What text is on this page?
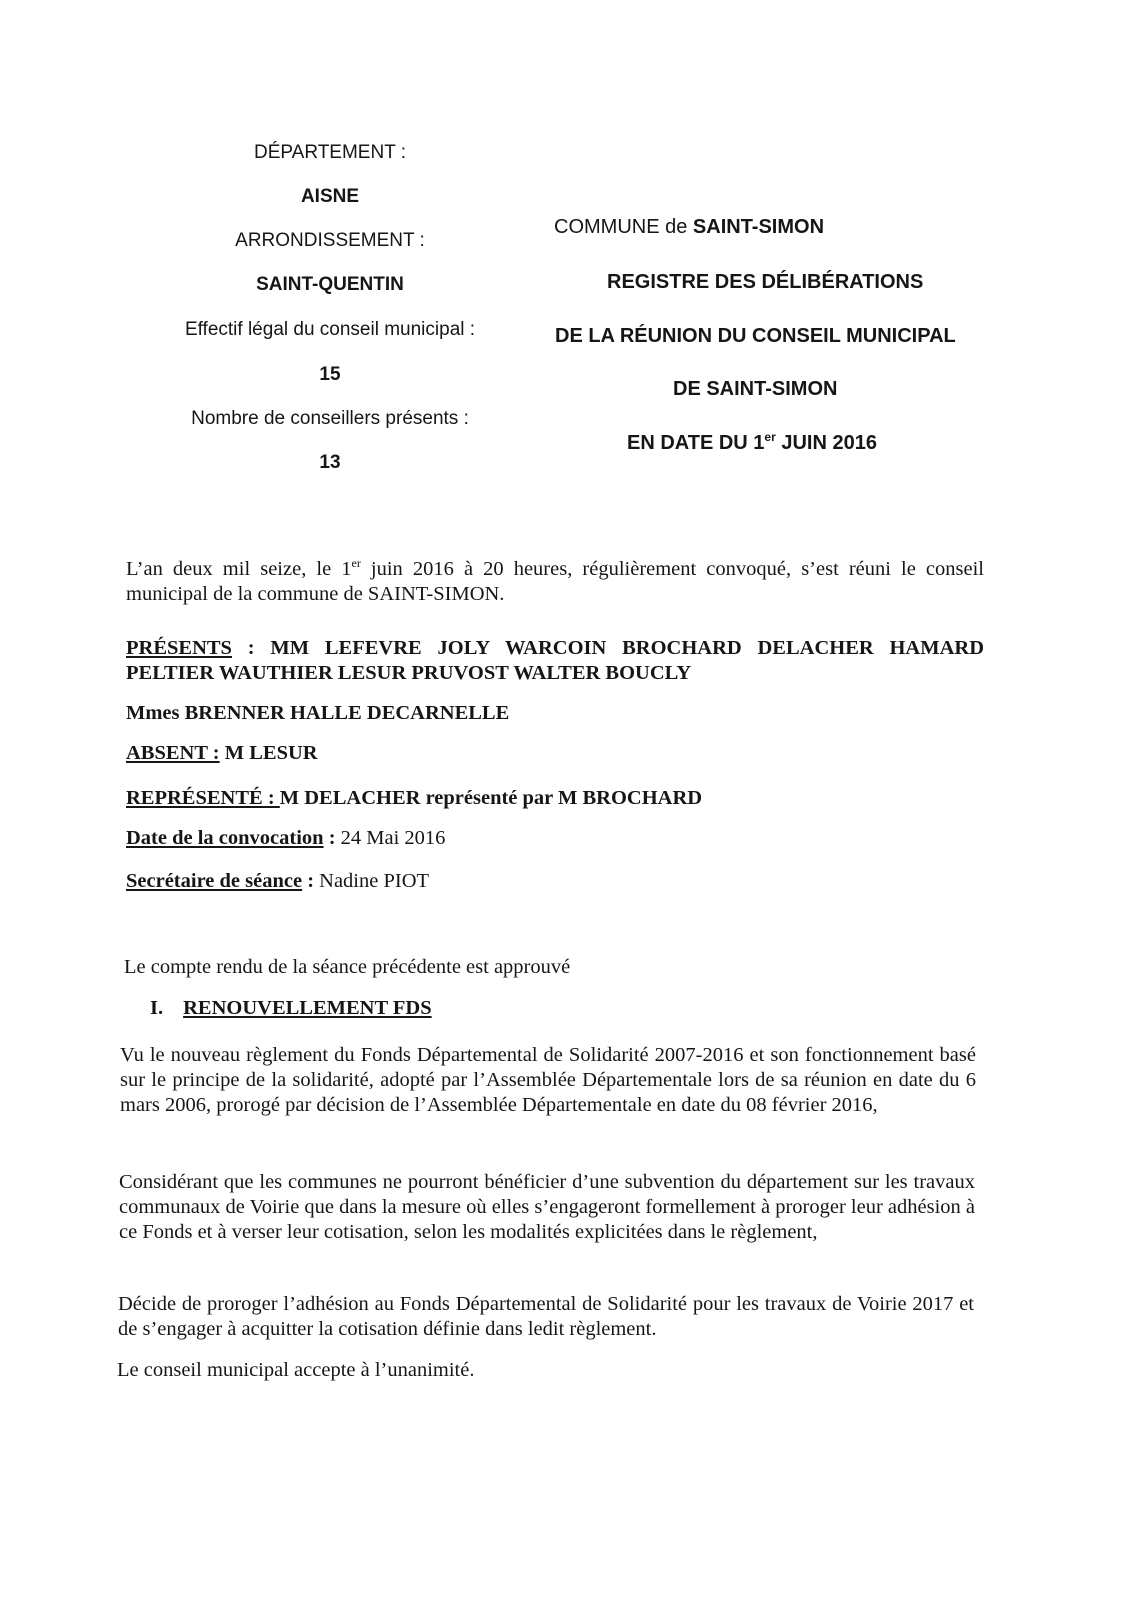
DÉPARTEMENT :
AISNE
ARRONDISSEMENT :
SAINT-QUENTIN
Effectif légal du conseil municipal :
15
Nombre de conseillers présents :
13
COMMUNE de SAINT-SIMON
REGISTRE DES DÉLIBÉRATIONS
DE LA RÉUNION DU CONSEIL MUNICIPAL
DE SAINT-SIMON
EN DATE DU 1er JUIN 2016
L’an deux mil seize, le 1er juin 2016 à 20 heures, régulièrement convoqué, s’est réuni le conseil municipal de la commune de SAINT-SIMON.
PRÉSENTS : MM LEFEVRE JOLY WARCOIN BROCHARD DELACHER HAMARD PELTIER WAUTHIER LESUR PRUVOST WALTER BOUCLY
Mmes BRENNER HALLE DECARNELLE
ABSENT : M LESUR
REPRÉSENTÉ : M DELACHER représenté par M BROCHARD
Date de la convocation : 24 Mai 2016
Secrétaire de séance : Nadine PIOT
Le compte rendu de la séance précédente est approuvé
I. RENOUVELLEMENT FDS
Vu le nouveau règlement du Fonds Départemental de Solidarité 2007-2016 et son fonctionnement basé sur le principe de la solidarité, adopté par l’Assemblée Départementale lors de sa réunion en date du 6 mars 2006, prorogé par décision de l’Assemblée Départementale en date du 08 février 2016,
Considérant que les communes ne pourront bénéficier d’une subvention du département sur les travaux communaux de Voirie que dans la mesure où elles s’engageront formellement à proroger leur adhésion à ce Fonds et à verser leur cotisation, selon les modalités explicitées dans le règlement,
Décide de proroger l’adhésion au Fonds Départemental de Solidarité pour les travaux de Voirie 2017 et de s’engager à acquitter la cotisation définie dans ledit règlement.
Le conseil municipal accepte à l’unanimité.
